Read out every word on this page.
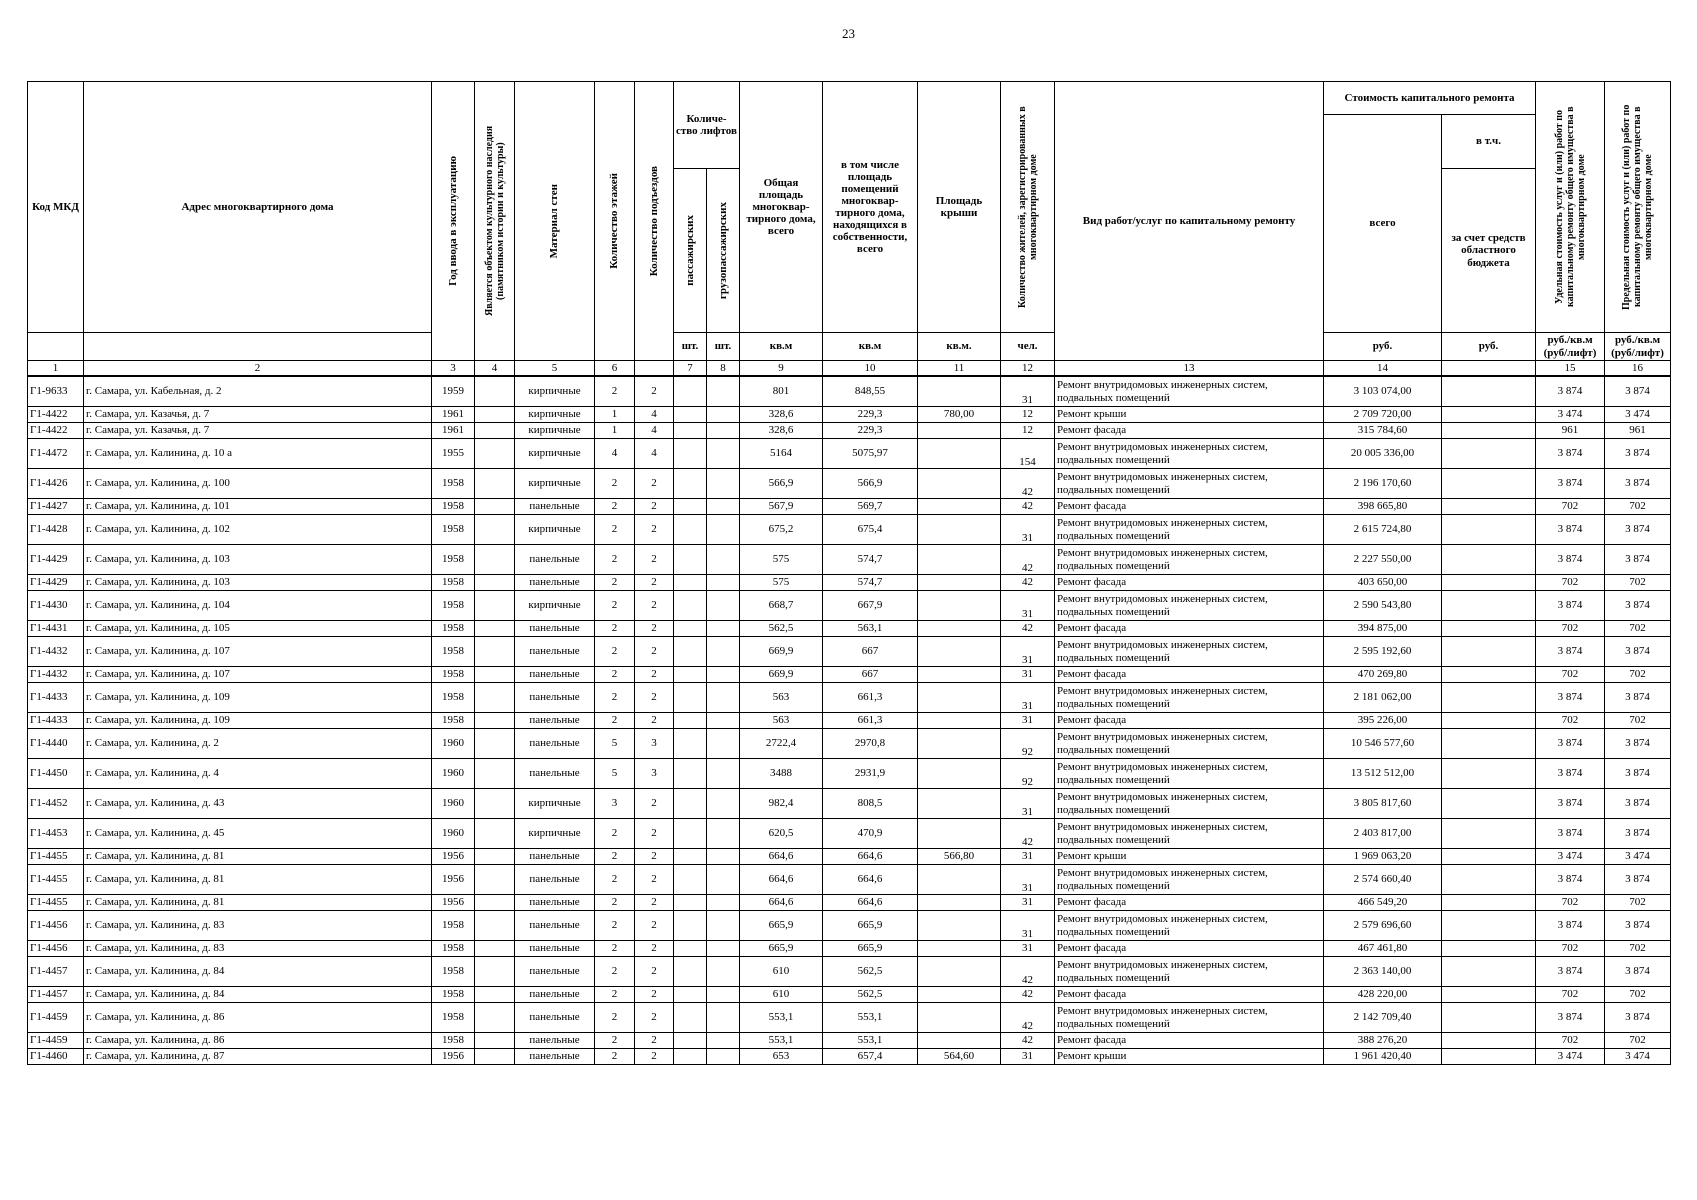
23
Код МКД	Адрес многоквартирного дома	Год ввода в эксплуатацию	Является объектом культурного наследия (памятником истории и культуры)	Материал стен	Количество этажей	Количество подъездов	Количе- ство лифтов		Общая площадь многоквар- тирного дома, всего	в том числе площадь помещений многоквар- тирного дома, находящихся в собственности, всего	Площадь крыши	Количество жителей, зарегистрированных в многоквартирном доме	Вид работ/услуг по капитальному ремонту	Стоимость капитального ремонта		Удельная стоимость услуг и (или) работ по капитальному ремонту общего имущества в многоквартирном доме	Предельная стоимость услуг и (или) работ по капитальному ремонту общего имущества в многоквартирном доме

														всего	в т.ч.		

							пассажирских	грузопассажирских							за счет средств областного бюджета		
							шт.	шт.	кв.м	кв.м	кв.м.	чел.		руб.	руб.	руб./кв.м (руб/лифт)	руб./кв.м (руб/лифт)
1	2	3	4	5	6		7	8	9	10	11	12	13	14		15	16
Г1-9633	г. Самара, ул. Кабельная, д. 2	1959		кирпичные	2	2			801	848,55		31	Ремонт внутридомовых инженерных систем, подвальных помещений	3 103 074,00		3 874	3 874
Г1-4422	г. Самара, ул. Казачья, д. 7	1961		кирпичные	1	4			328,6	229,3	780,00	12	Ремонт крыши	2 709 720,00		3 474	3 474
Г1-4422	г. Самара, ул. Казачья, д. 7	1961		кирпичные	1	4			328,6	229,3		12	Ремонт фасада	315 784,60		961	961
Г1-4472	г. Самара, ул. Калинина, д. 10 а	1955		кирпичные	4	4			5164	5075,97		154	Ремонт внутридомовых инженерных систем, подвальных помещений	20 005 336,00		3 874	3 874
Г1-4426	г. Самара, ул. Калинина, д. 100	1958		кирпичные	2	2			566,9	566,9		42	Ремонт внутридомовых инженерных систем, подвальных помещений	2 196 170,60		3 874	3 874
Г1-4427	г. Самара, ул. Калинина, д. 101	1958		панельные	2	2			567,9	569,7		42	Ремонт фасада	398 665,80		702	702
Г1-4428	г. Самара, ул. Калинина, д. 102	1958		кирпичные	2	2			675,2	675,4		31	Ремонт внутридомовых инженерных систем, подвальных помещений	2 615 724,80		3 874	3 874
Г1-4429	г. Самара, ул. Калинина, д. 103	1958		панельные	2	2			575	574,7		42	Ремонт внутридомовых инженерных систем, подвальных помещений	2 227 550,00		3 874	3 874
Г1-4429	г. Самара, ул. Калинина, д. 103	1958		панельные	2	2			575	574,7		42	Ремонт фасада	403 650,00		702	702
Г1-4430	г. Самара, ул. Калинина, д. 104	1958		кирпичные	2	2			668,7	667,9		31	Ремонт внутридомовых инженерных систем, подвальных помещений	2 590 543,80		3 874	3 874
Г1-4431	г. Самара, ул. Калинина, д. 105	1958		панельные	2	2			562,5	563,1		42	Ремонт фасада	394 875,00		702	702
Г1-4432	г. Самара, ул. Калинина, д. 107	1958		панельные	2	2			669,9	667		31	Ремонт внутридомовых инженерных систем, подвальных помещений	2 595 192,60		3 874	3 874
Г1-4432	г. Самара, ул. Калинина, д. 107	1958		панельные	2	2			669,9	667		31	Ремонт фасада	470 269,80		702	702
Г1-4433	г. Самара, ул. Калинина, д. 109	1958		панельные	2	2			563	661,3		31	Ремонт внутридомовых инженерных систем, подвальных помещений	2 181 062,00		3 874	3 874
Г1-4433	г. Самара, ул. Калинина, д. 109	1958		панельные	2	2			563	661,3		31	Ремонт фасада	395 226,00		702	702
Г1-4440	г. Самара, ул. Калинина, д. 2	1960		панельные	5	3			2722,4	2970,8		92	Ремонт внутридомовых инженерных систем, подвальных помещений	10 546 577,60		3 874	3 874
Г1-4450	г. Самара, ул. Калинина, д. 4	1960		панельные	5	3			3488	2931,9		92	Ремонт внутридомовых инженерных систем, подвальных помещений	13 512 512,00		3 874	3 874
Г1-4452	г. Самара, ул. Калинина, д. 43	1960		кирпичные	3	2			982,4	808,5		31	Ремонт внутридомовых инженерных систем, подвальных помещений	3 805 817,60		3 874	3 874
Г1-4453	г. Самара, ул. Калинина, д. 45	1960		кирпичные	2	2			620,5	470,9		42	Ремонт внутридомовых инженерных систем, подвальных помещений	2 403 817,00		3 874	3 874
Г1-4455	г. Самара, ул. Калинина, д. 81	1956		панельные	2	2			664,6	664,6	566,80	31	Ремонт крыши	1 969 063,20		3 474	3 474
Г1-4455	г. Самара, ул. Калинина, д. 81	1956		панельные	2	2			664,6	664,6		31	Ремонт внутридомовых инженерных систем, подвальных помещений	2 574 660,40		3 874	3 874
Г1-4455	г. Самара, ул. Калинина, д. 81	1956		панельные	2	2			664,6	664,6		31	Ремонт фасада	466 549,20		702	702
Г1-4456	г. Самара, ул. Калинина, д. 83	1958		панельные	2	2			665,9	665,9		31	Ремонт внутридомовых инженерных систем, подвальных помещений	2 579 696,60		3 874	3 874
Г1-4456	г. Самара, ул. Калинина, д. 83	1958		панельные	2	2			665,9	665,9		31	Ремонт фасада	467 461,80		702	702
Г1-4457	г. Самара, ул. Калинина, д. 84	1958		панельные	2	2			610	562,5		42	Ремонт внутридомовых инженерных систем, подвальных помещений	2 363 140,00		3 874	3 874
Г1-4457	г. Самара, ул. Калинина, д. 84	1958		панельные	2	2			610	562,5		42	Ремонт фасада	428 220,00		702	702
Г1-4459	г. Самара, ул. Калинина, д. 86	1958		панельные	2	2			553,1	553,1		42	Ремонт внутридомовых инженерных систем, подвальных помещений	2 142 709,40		3 874	3 874
Г1-4459	г. Самара, ул. Калинина, д. 86	1958		панельные	2	2			553,1	553,1		42	Ремонт фасада	388 276,20		702	702
Г1-4460	г. Самара, ул. Калинина, д. 87	1956		панельные	2	2			653	657,4	564,60	31	Ремонт крыши	1 961 420,40		3 474	3 474
